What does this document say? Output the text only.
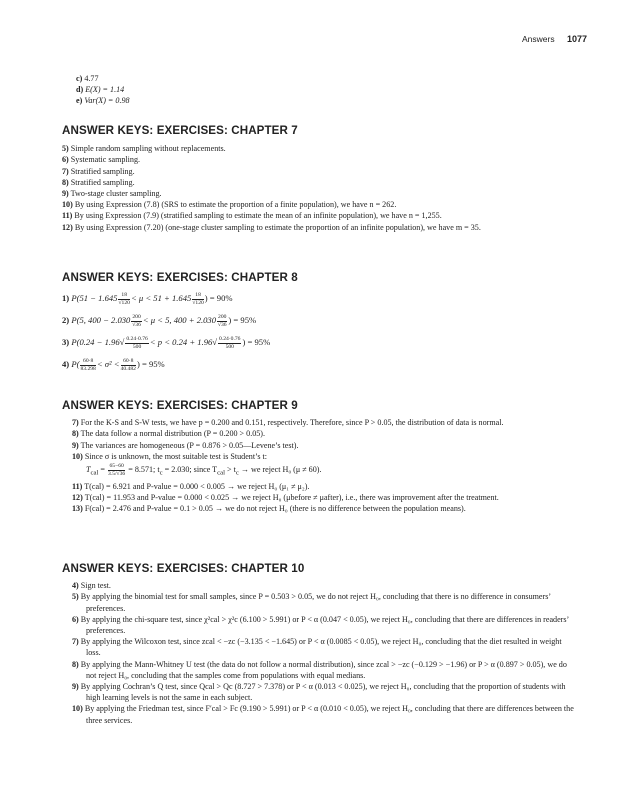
Answers 1077
c) 4.77
d) E(X) = 1.14
e) Var(X) = 0.98
ANSWER KEYS: EXERCISES: CHAPTER 7
5) Simple random sampling without replacements.
6) Systematic sampling.
7) Stratified sampling.
8) Stratified sampling.
9) Two-stage cluster sampling.
10) By using Expression (7.8) (SRS to estimate the proportion of a finite population), we have n = 262.
11) By using Expression (7.9) (stratified sampling to estimate the mean of an infinite population), we have n = 1,255.
12) By using Expression (7.20) (one-stage cluster sampling to estimate the proportion of an infinite population), we have m = 35.
ANSWER KEYS: EXERCISES: CHAPTER 8
1) $P(51 - 1.645 \frac{18}{√120} < \mu < 51 + 1.645 \frac{18}{√120}$ ) = 90%
2) P(5, $400 - 2.030 \frac{200}{√36} < \mu < 5$, $400 + 2.030 \frac{200}{√36}$ ) = 95%
3) $P(0.24 - 1.96√ \frac{0.24\cdot 0.76}{500} < p < 0.24 + 1.96√ \frac{0.24\cdot 0.76}{500}$ ) = 95%
4) $P( \frac{60\cdot 8}{83.298} < \sigma^2 < \frac{60\cdot 8}{40.482}$ ) = 95%
ANSWER KEYS: EXERCISES: CHAPTER 9
7) For the K-S and S-W tests, we have p = 0.200 and 0.151, respectively. Therefore, since P > 0.05, the distribution of data is normal.
8) The data follow a normal distribution (P = 0.200 > 0.05).
9) The variances are homogeneous (P = 0.876 > 0.05—Levene’s test).
10) Since σ is unknown, the most suitable test is Student’s t:
$T_{cal} = \frac{65-60}{3.5/√36} = 8.571$; $t_c = 2.030$; since $T_{cal} > t_c$ → we reject H₀ (μ ≠ 60).
11) T(cal) = 6.921 and P-value = 0.000 < 0.005 → we reject H₀ (μ₁ ≠ μ₂).
12) T(cal) = 11.953 and P-value = 0.000 < 0.025 → we reject H₀ (μbefore ≠ μafter), i.e., there was improvement after the treatment.
13) F(cal) = 2.476 and P-value = 0.1 > 0.05 → we do not reject H₀ (there is no difference between the population means).
ANSWER KEYS: EXERCISES: CHAPTER 10
4) Sign test.
5) By applying the binomial test for small samples, since P = 0.503 > 0.05, we do not reject H₀, concluding that there is no difference in consumers’ preferences.
6) By applying the chi-square test, since χ²cal > χ²c (6.100 > 5.991) or P < α (0.047 < 0.05), we reject H₀, concluding that there are differences in readers’ preferences.
7) By applying the Wilcoxon test, since zcal < −zc (−3.135 < −1.645) or P < α (0.0085 < 0.05), we reject H₀, concluding that the diet resulted in weight loss.
8) By applying the Mann-Whitney U test (the data do not follow a normal distribution), since zcal > −zc (−0.129 > −1.96) or P > α (0.897 > 0.05), we do not reject H₀, concluding that the samples come from populations with equal medians.
9) By applying Cochran’s Q test, since Qcal > Qc (8.727 > 7.378) or P < α (0.013 < 0.025), we reject H₀, concluding that the proportion of students with high learning levels is not the same in each subject.
10) By applying the Friedman test, since F′cal > Fc (9.190 > 5.991) or P < α (0.010 < 0.05), we reject H₀, concluding that there are differences between the three services.
